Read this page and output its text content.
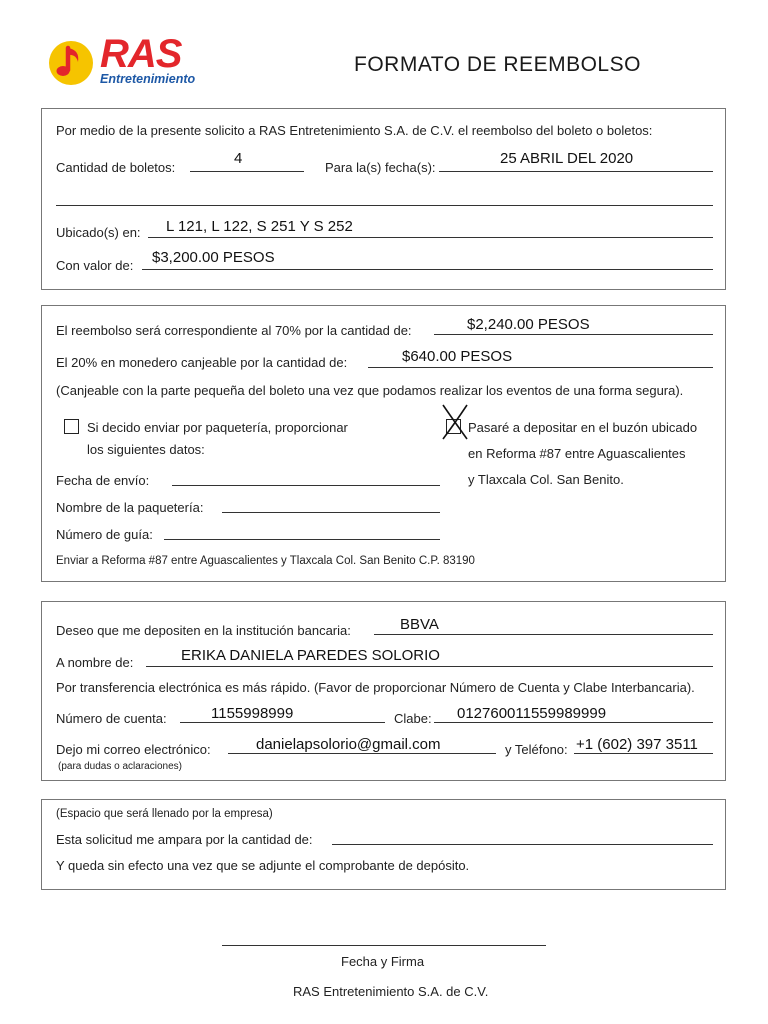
RAS
Entretenimiento
FORMATO DE REEMBOLSO
Por medio de la presente solicito a RAS Entretenimiento S.A. de C.V. el reembolso del boleto o boletos:
Cantidad de boletos:
4
Para la(s) fecha(s):
25 ABRIL DEL 2020
Ubicado(s) en: L 121, L 122, S 251 Y S 252
Con valor de: $3,200.00 PESOS
El reembolso será correspondiente al 70% por la cantidad de:	$2,240.00 PESOS
El 20% en monedero canjeable por la cantidad de:	$640.00 PESOS
(Canjeable con la parte pequeña del boleto una vez que podamos realizar los eventos de una forma segura).
Si decido enviar por paquetería, proporcionar
los siguientes datos:
Pasaré a depositar en el buzón ubicado
en Reforma #87 entre Aguascalientes
y Tlaxcala Col. San Benito.
Fecha de envío:
Nombre de la paquetería:
Número de guía:
Enviar a Reforma #87 entre Aguascalientes y Tlaxcala Col. San Benito C.P. 83190
Deseo que me depositen en la institución bancaria:	BBVA
A nombre de:	ERIKA DANIELA PAREDES SOLORIO
Por transferencia electrónica es más rápido. (Favor de proporcionar Número de Cuenta y Clabe Interbancaria).
Número de cuenta:	1155998999	Clabe: 012760011559989999
Dejo mi correo electrónico:	danielapsolorio@gmail.com	y Teléfono: +1 (602) 397 3511
(para dudas o aclaraciones)
(Espacio que será llenado por la empresa)
Esta solicitud me ampara por la cantidad de:
Y queda sin efecto una vez que se adjunte el comprobante de depósito.
Fecha y Firma
RAS Entretenimiento S.A. de C.V.
